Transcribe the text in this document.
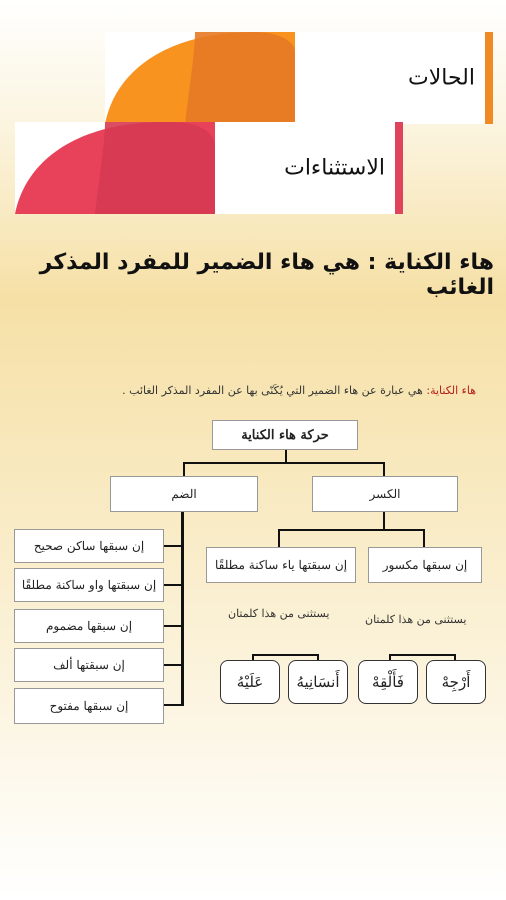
الحالات
الاستثناءات
هاء الكناية : هي هاء الضمير للمفرد المذكر الغائب
هاء الكناية: هي عبارة عن هاء الضمير التي يُكَنّى بها عن المفرد المذكر الغائب .
حركة هاء الكناية
الكسر
الضم
إن سبقها مكسور
إن سبقتها ياء ساكنة مطلقًا
يستثنى من هذا كلمتان
يستثنى من هذا كلمتان
أَرْجِهْ
فَأَلْقِهْ
أَنسَانِيهُ
عَلَيْهُ
إن سبقها ساكن صحيح
إن سبقتها واو ساكنة مطلقًا
إن سبقها مضموم
إن سبقتها ألف
إن سبقها مفتوح
